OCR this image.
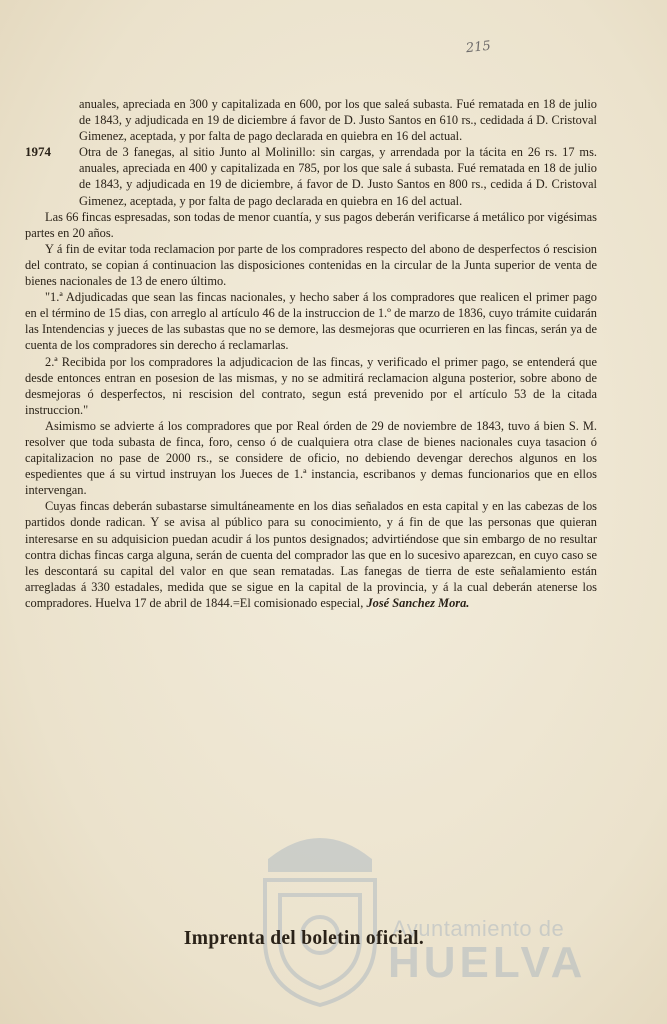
215

anuales, apreciada en 300 y capitalizada en 600, por los que saleá subasta. Fué rematada en 18 de julio de 1843, y adjudicada en 19 de diciembre á favor de D. Justo Santos en 610 rs., cedidada á D. Cristoval Gimenez, aceptada, y por falta de pago declarada en quiebra en 16 del actual.

1974 Otra de 3 fanegas, al sitio Junto al Molinillo: sin cargas, y arrendada por la tácita en 26 rs. 17 ms. anuales, apreciada en 400 y capitalizada en 785, por los que sale á subasta. Fué rematada en 18 de julio de 1843, y adjudicada en 19 de diciembre, á favor de D. Justo Santos en 800 rs., cedida á D. Cristoval Gimenez, aceptada, y por falta de pago declarada en quiebra en 16 del actual.

Las 66 fincas espresadas, son todas de menor cuantía, y sus pagos deberán verificarse á metálico por vigésimas partes en 20 años.

Y á fin de evitar toda reclamacion por parte de los compradores respecto del abono de desperfectos ó rescision del contrato, se copian á continuacion las disposiciones contenidas en la circular de la Junta superior de venta de bienes nacionales de 13 de enero último.

"1.ª Adjudicadas que sean las fincas nacionales, y hecho saber á los compradores que realicen el primer pago en el término de 15 dias, con arreglo al artículo 46 de la instruccion de 1.º de marzo de 1836, cuyo trámite cuidarán las Intendencias y jueces de las subastas que no se demore, las desmejoras que ocurrieren en las fincas, serán ya de cuenta de los compradores sin derecho á reclamarlas.

2.ª Recibida por los compradores la adjudicacion de las fincas, y verificado el primer pago, se entenderá que desde entonces entran en posesion de las mismas, y no se admitirá reclamacion alguna posterior, sobre abono de desmejoras ó desperfectos, ni rescision del contrato, segun está prevenido por el artículo 53 de la citada instruccion."

Asimismo se advierte á los compradores que por Real órden de 29 de noviembre de 1843, tuvo á bien S. M. resolver que toda subasta de finca, foro, censo ó de cualquiera otra clase de bienes nacionales cuya tasacion ó capitalizacion no pase de 2000 rs., se considere de oficio, no debiendo devengar derechos algunos en los espedientes que á su virtud instruyan los Jueces de 1.ª instancia, escribanos y demas funcionarios que en ellos intervengan.

Cuyas fincas deberán subastarse simultáneamente en los dias señalados en esta capital y en las cabezas de los partidos donde radican. Y se avisa al público para su conocimiento, y á fin de que las personas que quieran interesarse en su adquisicion puedan acudir á los puntos designados; advirtiéndose que sin embargo de no resultar contra dichas fincas carga alguna, serán de cuenta del comprador las que en lo sucesivo aparezcan, en cuyo caso se les descontará su capital del valor en que sean rematadas. Las fanegas de tierra de este señalamiento están arregladas á 330 estadales, medida que se sigue en la capital de la provincia, y á la cual deberán atenerse los compradores. Huelva 17 de abril de 1844.=El comisionado especial, José Sanchez Mora.

Ayuntamiento de
HUELVA
Imprenta del boletin oficial.
